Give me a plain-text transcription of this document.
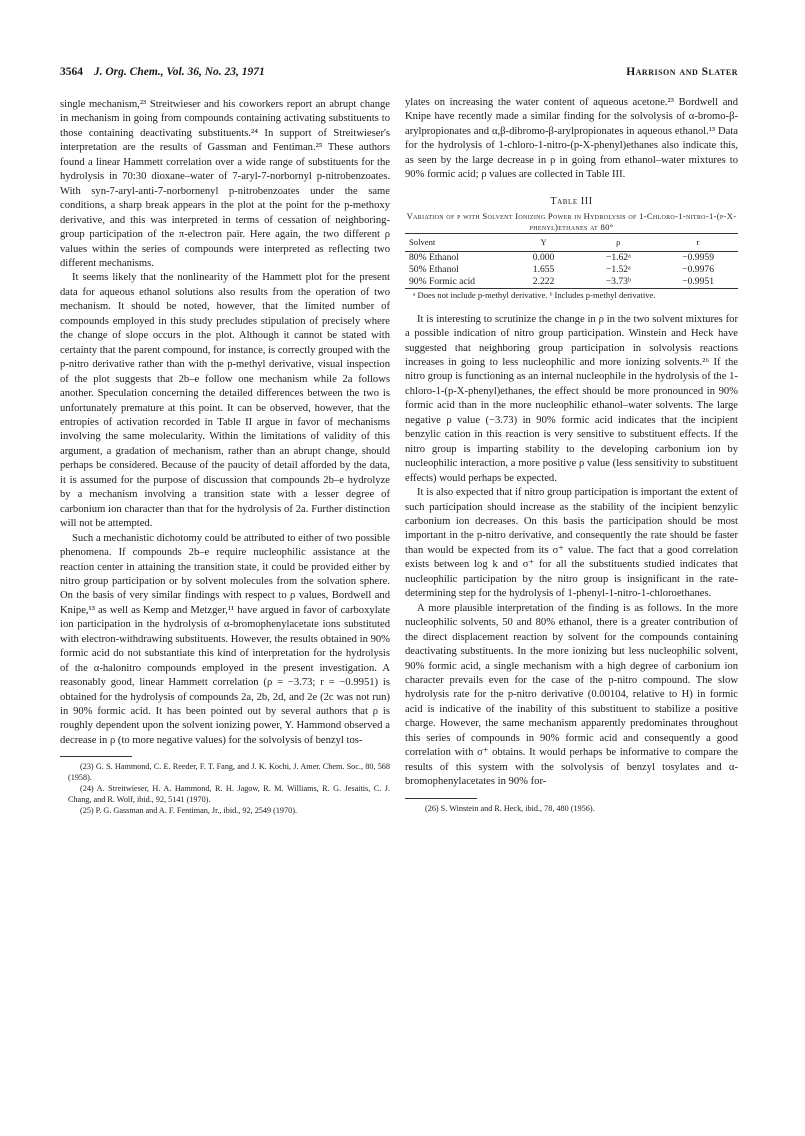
3564 J. Org. Chem., Vol. 36, No. 23, 1971	Harrison and Slater

single mechanism,²³ Streitwieser and his coworkers report an abrupt change in mechanism in going from compounds containing activating substituents to those containing deactivating substituents.²⁴ In support of Streitwieser's interpretation are the results of Gassman and Fentiman.²⁵ These authors found a linear Hammett correlation over a wide range of substituents for the hydrolysis in 70:30 dioxane–water of 7-aryl-7-norbornyl p-nitrobenzoates. With syn-7-aryl-anti-7-norbornenyl p-nitrobenzoates under the same conditions, a sharp break appears in the plot at the point for the p-methoxy derivative, and this was interpreted in terms of cessation of neighboring-group participation of the π-electron pair. Here again, the two different ρ values within the series of compounds were interpreted as reflecting two different mechanisms.

It seems likely that the nonlinearity of the Hammett plot for the present data for aqueous ethanol solutions also results from the operation of two mechanism. It should be noted, however, that the limited number of compounds employed in this study precludes stipulation of precisely where the change of slope occurs in the plot. Although it cannot be stated with certainty that the parent compound, for instance, is correctly grouped with the p-nitro derivative rather than with the p-methyl derivative, visual inspection of the plot suggests that 2b–e follow one mechanism while 2a follows another. Speculation concerning the detailed differences between the two is unfortunately premature at this point. It can be observed, however, that the entropies of activation recorded in Table II argue in favor of mechanisms involving the same molecularity. Within the limitations of validity of this argument, a gradation of mechanism, rather than an abrupt change, should perhaps be considered. Because of the paucity of detail afforded by the data, it is assumed for the purpose of discussion that compounds 2b–e hydrolyze by a mechanism involving a transition state with a lesser degree of carbonium ion character than that for the hydrolysis of 2a. Further distinction will not be attempted.

Such a mechanistic dichotomy could be attributed to either of two possible phenomena. If compounds 2b–e require nucleophilic assistance at the reaction center in attaining the transition state, it could be provided either by nitro group participation or by solvent molecules from the solvation sphere. On the basis of very similar findings with respect to ρ values, Bordwell and Knipe,¹³ as well as Kemp and Metzger,¹¹ have argued in favor of carboxylate ion participation in the hydrolysis of α-bromophenylacetate ions substituted with electron-withdrawing substituents. However, the results obtained in 90% formic acid do not substantiate this kind of interpretation for the hydrolysis of the α-halonitro compounds employed in the present investigation. A reasonably good, linear Hammett correlation (ρ = −3.73; r = −0.9951) is obtained for the hydrolysis of compounds 2a, 2b, 2d, and 2e (2c was not run) in 90% formic acid. It has been pointed out by several authors that ρ is roughly dependent upon the solvent ionizing power, Y. Hammond observed a decrease in ρ (to more negative values) for the solvolysis of benzyl tos-

(23) G. S. Hammond, C. E. Reeder, F. T. Fang, and J. K. Kochi, J. Amer. Chem. Soc., 80, 568 (1958).

(24) A. Streitwieser, H. A. Hammond, R. H. Jagow, R. M. Williams, R. G. Jesaitis, C. J. Chang, and R. Wolf, ibid., 92, 5141 (1970).

(25) P. G. Gassman and A. F. Fentiman, Jr., ibid., 92, 2549 (1970).

ylates on increasing the water content of aqueous acetone.²³ Bordwell and Knipe have recently made a similar finding for the solvolysis of α-bromo-β-arylpropionates and α,β-dibromo-β-arylpropionates in aqueous ethanol.¹³ Data for the hydrolysis of 1-chloro-1-nitro-(p-X-phenyl)ethanes also indicate this, as seen by the large decrease in ρ in going from ethanol–water mixtures to 90% formic acid; ρ values are collected in Table III.

Table III
Variation of ρ with Solvent Ionizing Power in Hydrolysis of 1-Chloro-1-nitro-1-(p-X-phenyl)ethanes at 80°
Solvent	Y	ρ	r
80% Ethanol	0.000	−1.62ᵃ	−0.9959
50% Ethanol	1.655	−1.52ᵃ	−0.9976
90% Formic acid	2.222	−3.73ᵇ	−0.9951
ᵃ Does not include p-methyl derivative. ᵇ Includes p-methyl derivative.

It is interesting to scrutinize the change in ρ in the two solvent mixtures for a possible indication of nitro group participation. Winstein and Heck have suggested that neighboring group participation in solvolysis reactions increases in going to less nucleophilic and more ionizing solvents.²⁶ If the nitro group is functioning as an internal nucleophile in the hydrolysis of the 1-chloro-1-(p-X-phenyl)ethanes, the effect should be more pronounced in 90% formic acid than in the more nucleophilic ethanol–water solvents. The large negative ρ value (−3.73) in 90% formic acid indicates that the incipient benzylic cation in this reaction is very sensitive to substituent effects. If the nitro group is imparting stability to the developing carbonium ion by nucleophilic interaction, a more positive ρ value (less sensitivity to substituent effects) would perhaps be expected.

It is also expected that if nitro group participation is important the extent of such participation should increase as the stability of the incipient benzylic carbonium ion decreases. On this basis the participation should be most important in the p-nitro derivative, and consequently the rate should be faster than would be expected from its σ⁺ value. The fact that a good correlation exists between log k and σ⁺ for all the substituents studied indicates that nucleophilic participation by the nitro group is insignificant in the rate-determining step for the hydrolysis of 1-phenyl-1-nitro-1-chloroethanes.

A more plausible interpretation of the finding is as follows. In the more nucleophilic solvents, 50 and 80% ethanol, there is a greater contribution of the direct displacement reaction by solvent for the compounds containing deactivating substituents. In the more ionizing but less nucleophilic solvent, 90% formic acid, a single mechanism with a high degree of carbonium ion character prevails even for the case of the p-nitro compound. The slow hydrolysis rate for the p-nitro derivative (0.00104, relative to H) in formic acid is indicative of the inability of this substituent to stabilize a positive charge. However, the same mechanism apparently predominates throughout this series of compounds in 90% formic acid and consequently a good correlation with σ⁺ obtains. It would perhaps be informative to compare the results of this system with the solvolysis of benzyl tosylates and α-bromophenylacetates in 90% for-

(26) S. Winstein and R. Heck, ibid., 78, 480 (1956).
